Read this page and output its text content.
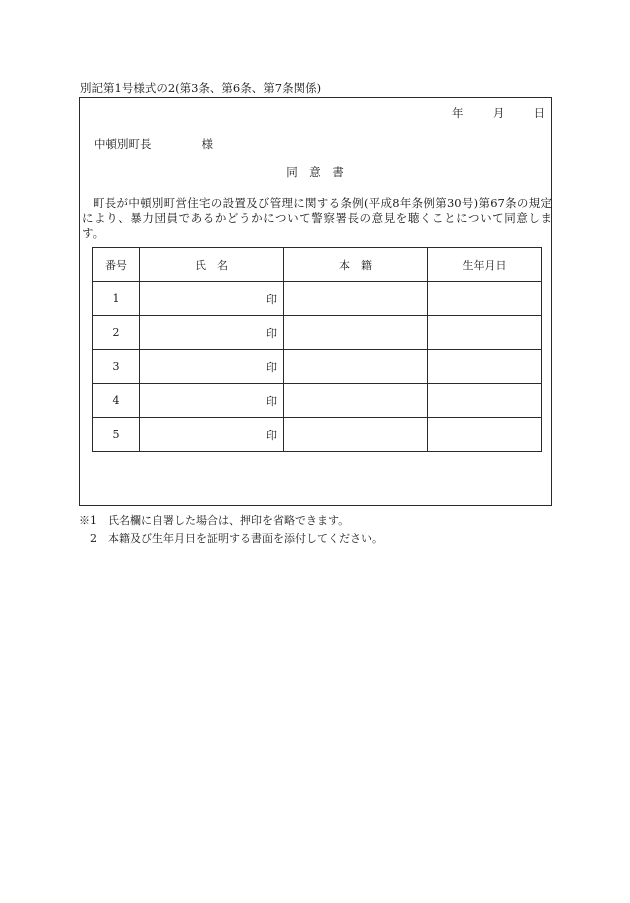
別記第1号様式の2(第3条、第6条、第7条関係)
年	月	日
中頓別町長	様
同　意　書
町長が中頓別町営住宅の設置及び管理に関する条例(平成8年条例第30号)第67条の規定により、暴力団員であるかどうかについて警察署長の意見を聴くことについて同意します。
番号	氏　名	本　籍	生年月日
1	印		
2	印		
3	印		
4	印		
5	印		
※1　氏名欄に自署した場合は、押印を省略できます。
　2　本籍及び生年月日を証明する書面を添付してください。
